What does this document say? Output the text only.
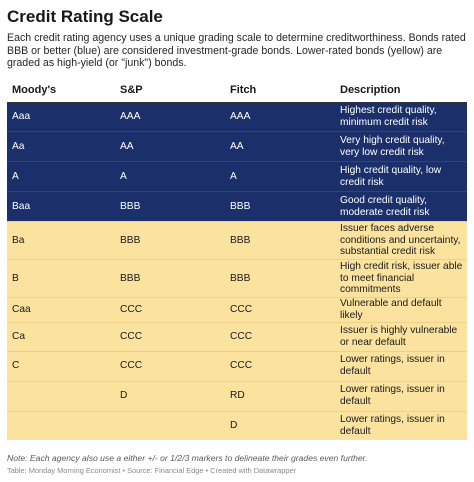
Credit Rating Scale
Each credit rating agency uses a unique grading scale to determine creditworthiness. Bonds rated BBB or better (blue) are considered investment-grade bonds. Lower-rated bonds (yellow) are graded as high-yield (or "junk") bonds.
Moody's	S&P	Fitch	Description
Aaa	AAA	AAA	Highest credit quality, minimum credit risk
Aa	AA	AA	Very high credit quality, very low credit risk
A	A	A	High credit quality, low credit risk
Baa	BBB	BBB	Good credit quality, moderate credit risk
Ba	BBB	BBB	Issuer faces adverse conditions and uncertainty, substantial credit risk
B	BBB	BBB	High credit risk, issuer able to meet financial commitments
Caa	CCC	CCC	Vulnerable and default likely
Ca	CCC	CCC	Issuer is highly vulnerable or near default
C	CCC	CCC	Lower ratings, issuer in default
	D	RD	Lower ratings, issuer in default
		D	Lower ratings, issuer in default
Note: Each agency also use a either +/- or 1/2/3 markers to delineate their grades even further.
Table: Monday Morning Economist • Source: Financial Edge • Created with Datawrapper
